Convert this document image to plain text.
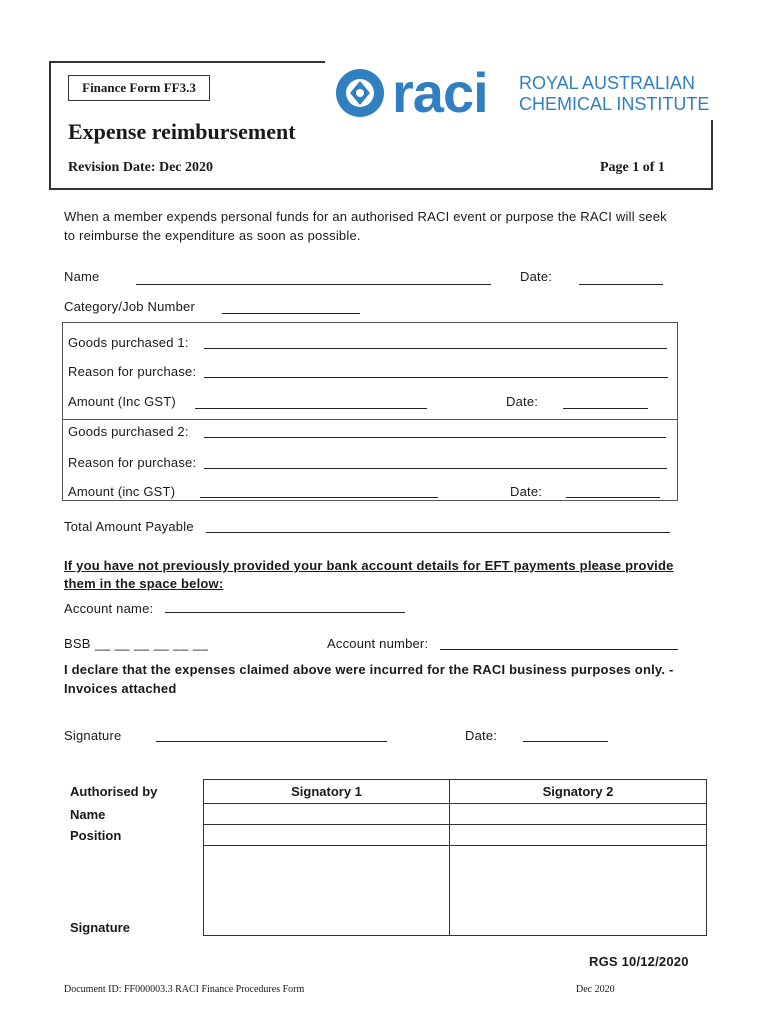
Finance Form FF3.3
Expense reimbursement
Revision Date: Dec 2020	Page 1 of 1
raci ROYAL AUSTRALIAN
CHEMICAL INSTITUTE
When a member expends personal funds for an authorised RACI event or purpose the RACI will seek
to reimburse the expenditure as soon as possible.
Name	Date:
Category/Job Number
Goods purchased 1:
Reason for purchase:
Amount (Inc GST)	Date:
Goods purchased 2:
Reason for purchase:
Amount (inc GST)	Date:
Total Amount Payable
If you have not previously provided your bank account details for EFT payments please provide
them in the space below:
Account name:
BSB __ __ __ __ __ __	Account number:
I declare that the expenses claimed above were incurred for the RACI business purposes only. -
Invoices attached
Signature	Date:
Authorised by	Signatory 1	Signatory 2
Name		
Position		
Signature		
RGS 10/12/2020
Document ID: FF000003.3 RACI Finance Procedures Form	Dec 2020
